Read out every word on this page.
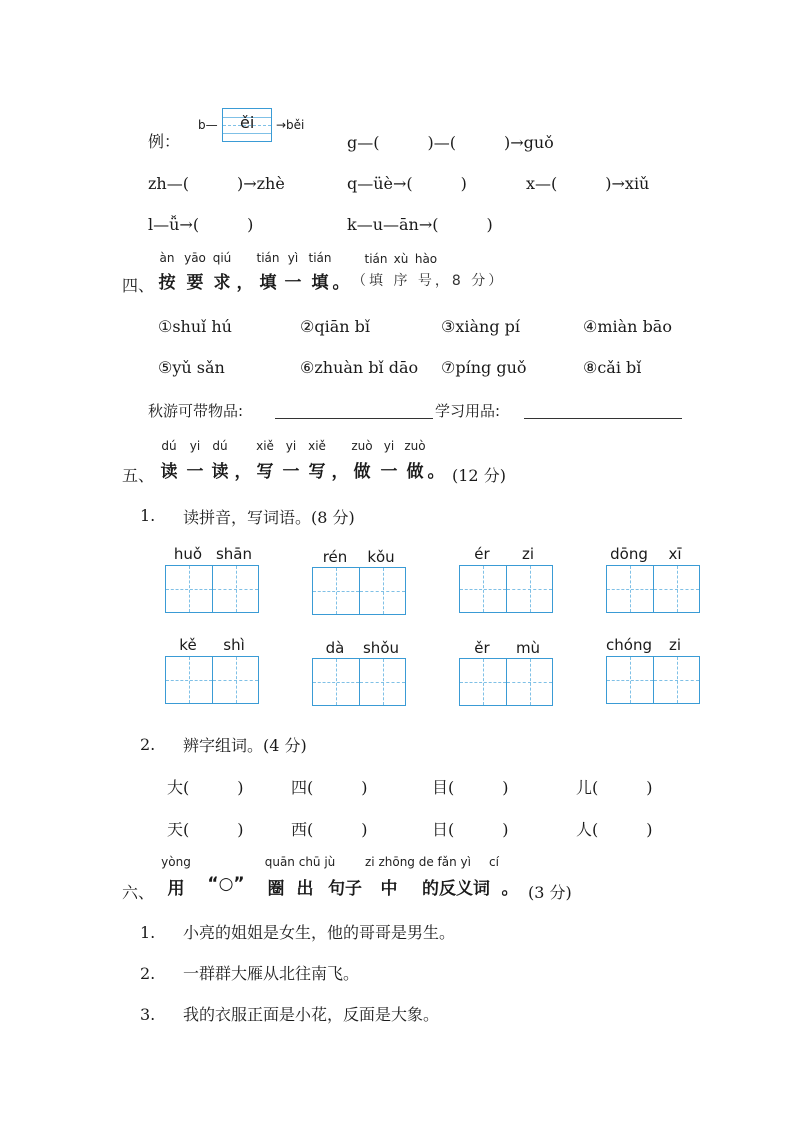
例：
b— ěi →běi
g—(　　　)—(　　　)→guǒ
zh—(　　　)→zhè	q—üè→(　　　)	x—(　　　)→xiǔ
l—ǚ→(　　　)	k—u—ān→(　　　)
四、
àn yāo qiú tián yì tián
按 要 求 ， 填 一 填 。
tián xù hào
（填 序 号，8 分）
①shuǐ hú	②qiān bǐ	③xiàng pí	④miàn bāo
⑤yǔ sǎn	⑥zhuàn bǐ dāo ⑦píng guǒ	⑧cǎi bǐ
秋游可带物品:	学习用品:
五、
dú yi dú xiě yi xiě zuò yi zuò
读 一 读 ， 写 一 写 ， 做 一 做 。 (12 分)
1. 读拼音，写词语。(8 分)
huǒ shān	rén kǒu	ér zi	dōng xī
kě shì	dà shǒu	ěr mù	chóng zi
2. 辨字组词。(4 分)
大(　　　)	四(　　　)	目(　　　)	儿(　　　)
天(　　　)	西(　　　)	日(　　　)	人(　　　)
六、
yòng	quān chū jù zi zhōng de fǎn yì cí
用 “○” 圈 出 句子 中 的反义词 。 (3 分)
1. 小亮的姐姐是女生，他的哥哥是男生。
2. 一群群大雁从北往南飞。
3. 我的衣服正面是小花，反面是大象。
